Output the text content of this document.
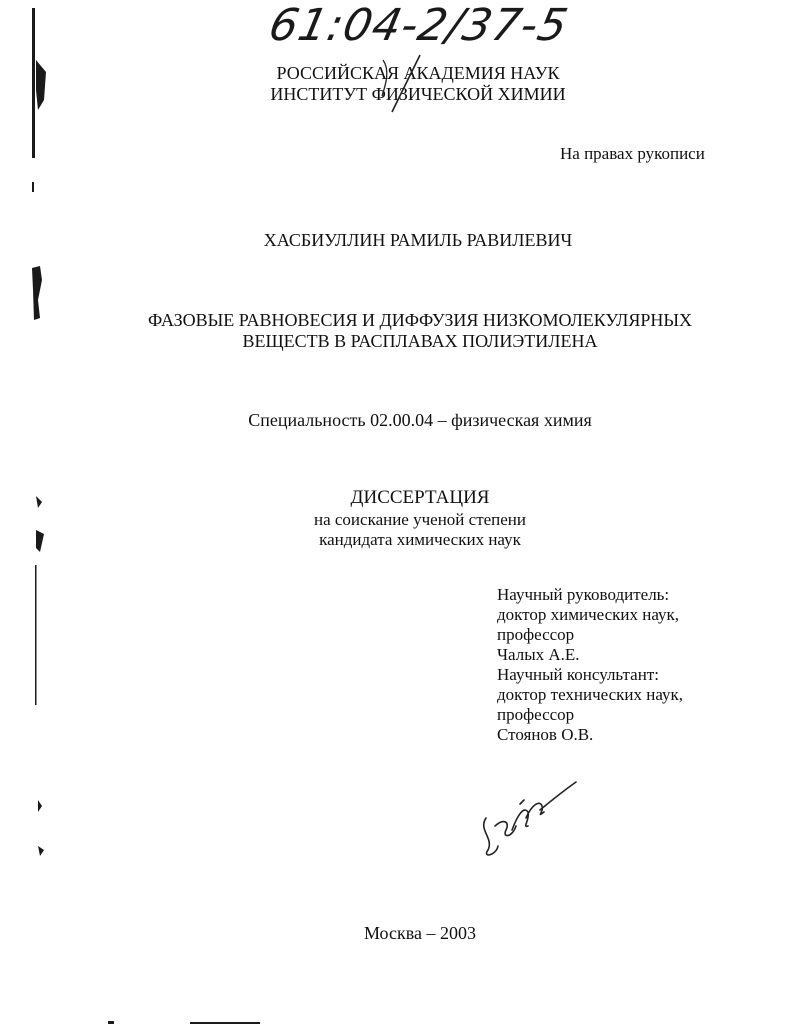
61:04-2/37-5
РОССИЙСКАЯ АКАДЕМИЯ НАУК
ИНСТИТУТ ФИЗИЧЕСКОЙ ХИМИИ
На правах рукописи
ХАСБИУЛЛИН РАМИЛЬ РАВИЛЕВИЧ
ФАЗОВЫЕ РАВНОВЕСИЯ И ДИФФУЗИЯ НИЗКОМОЛЕКУЛЯРНЫХ
ВЕЩЕСТВ В РАСПЛАВАХ ПОЛИЭТИЛЕНА
Специальность 02.00.04 – физическая химия
ДИССЕРТАЦИЯ
на соискание ученой степени
кандидата химических наук
Научный руководитель:
доктор химических наук,
профессор
Чалых А.Е.
Научный консультант:
доктор технических наук,
профессор
Стоянов О.В.
Москва – 2003
